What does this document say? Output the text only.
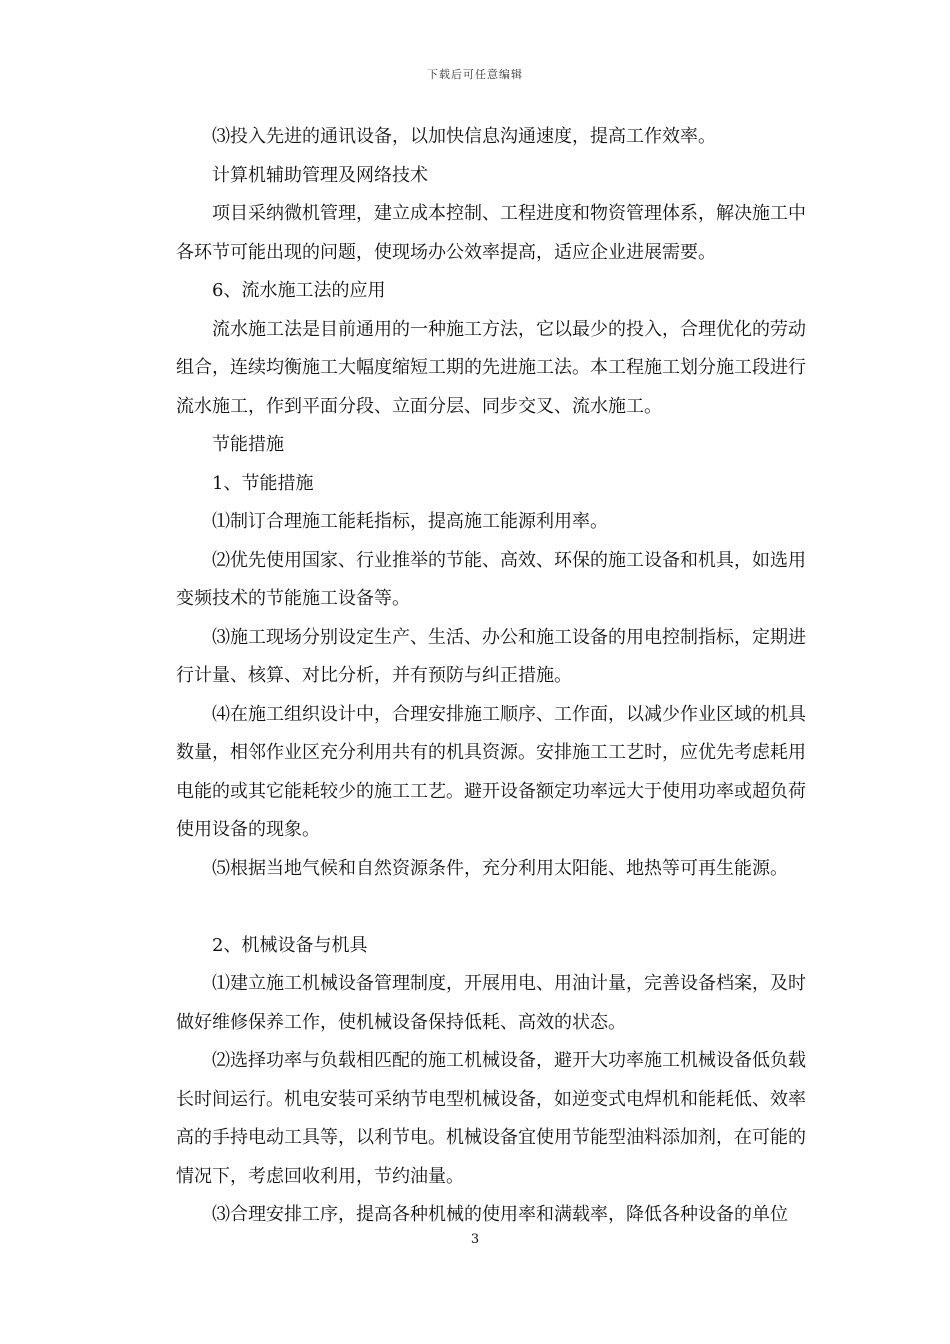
下载后可任意编辑

⑶投入先进的通讯设备，以加快信息沟通速度，提高工作效率。

计算机辅助管理及网络技术

项目采纳微机管理，建立成本控制、工程进度和物资管理体系，解决施工中各环节可能出现的问题，使现场办公效率提高，适应企业进展需要。

6、流水施工法的应用

流水施工法是目前通用的一种施工方法，它以最少的投入，合理优化的劳动组合，连续均衡施工大幅度缩短工期的先进施工法。本工程施工划分施工段进行流水施工，作到平面分段、立面分层、同步交叉、流水施工。

节能措施

1、节能措施

⑴制订合理施工能耗指标，提高施工能源利用率。

⑵优先使用国家、行业推举的节能、高效、环保的施工设备和机具，如选用变频技术的节能施工设备等。

⑶施工现场分别设定生产、生活、办公和施工设备的用电控制指标，定期进行计量、核算、对比分析，并有预防与纠正措施。

⑷在施工组织设计中，合理安排施工顺序、工作面，以减少作业区域的机具数量，相邻作业区充分利用共有的机具资源。安排施工工艺时，应优先考虑耗用电能的或其它能耗较少的施工工艺。避开设备额定功率远大于使用功率或超负荷使用设备的现象。

⑸根据当地气候和自然资源条件，充分利用太阳能、地热等可再生能源。

2、机械设备与机具

⑴建立施工机械设备管理制度，开展用电、用油计量，完善设备档案，及时做好维修保养工作，使机械设备保持低耗、高效的状态。

⑵选择功率与负载相匹配的施工机械设备，避开大功率施工机械设备低负载长时间运行。机电安装可采纳节电型机械设备，如逆变式电焊机和能耗低、效率高的手持电动工具等，以利节电。机械设备宜使用节能型油料添加剂，在可能的情况下，考虑回收利用，节约油量。

⑶合理安排工序，提高各种机械的使用率和满载率，降低各种设备的单位

3
